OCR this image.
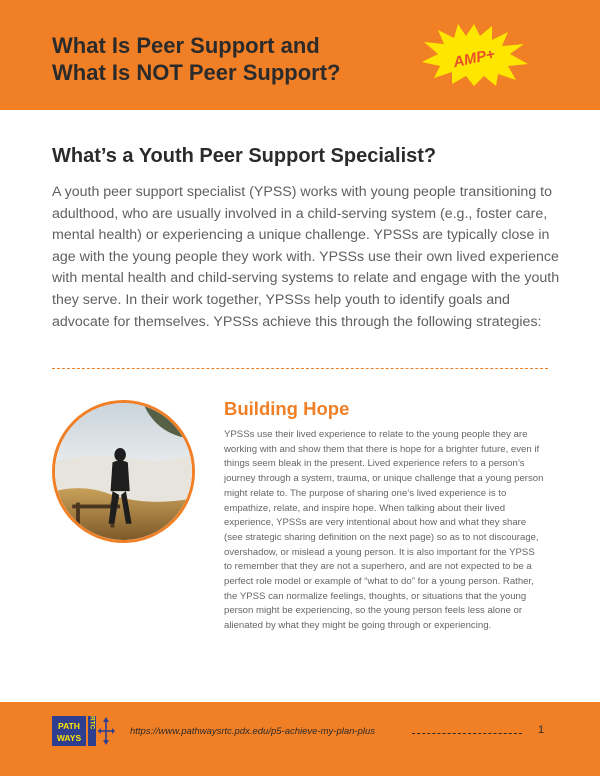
What Is Peer Support and
What Is NOT Peer Support?
AMP+
What’s a Youth Peer Support Specialist?

A youth peer support specialist (YPSS) works with young people transitioning to adulthood, who are usually involved in a child-serving system (e.g., foster care, mental health) or experiencing a unique challenge. YPSSs are typically close in age with the young people they work with. YPSSs use their own lived experience with mental health and child-serving systems to relate and engage with the youth they serve. In their work together, YPSSs help youth to identify goals and advocate for themselves. YPSSs achieve this through the following strategies:

Building Hope

YPSSs use their lived experience to relate to the young people they are working with and show them that there is hope for a brighter future, even if things seem bleak in the present. Lived experience refers to a person’s journey through a system, trauma, or unique challenge that a young person might relate to. The purpose of sharing one’s lived experience is to empathize, relate, and inspire hope. When talking about their lived experience, YPSSs are very intentional about how and what they share (see strategic sharing definition on the next page) so as to not discourage, overshadow, or mislead a young person. It is also important for the YPSS to remember that they are not a superhero, and are not expected to be a perfect role model or example of “what to do” for a young person. Rather, the YPSS can normalize feelings, thoughts, or situations that the young person might be experiencing, so the young person feels less alone or alienated by what they might be going through or experiencing.

PATH
WAYS
RTC
https://www.pathwaysrtc.pdx.edu/p5-achieve-my-plan-plus	1
